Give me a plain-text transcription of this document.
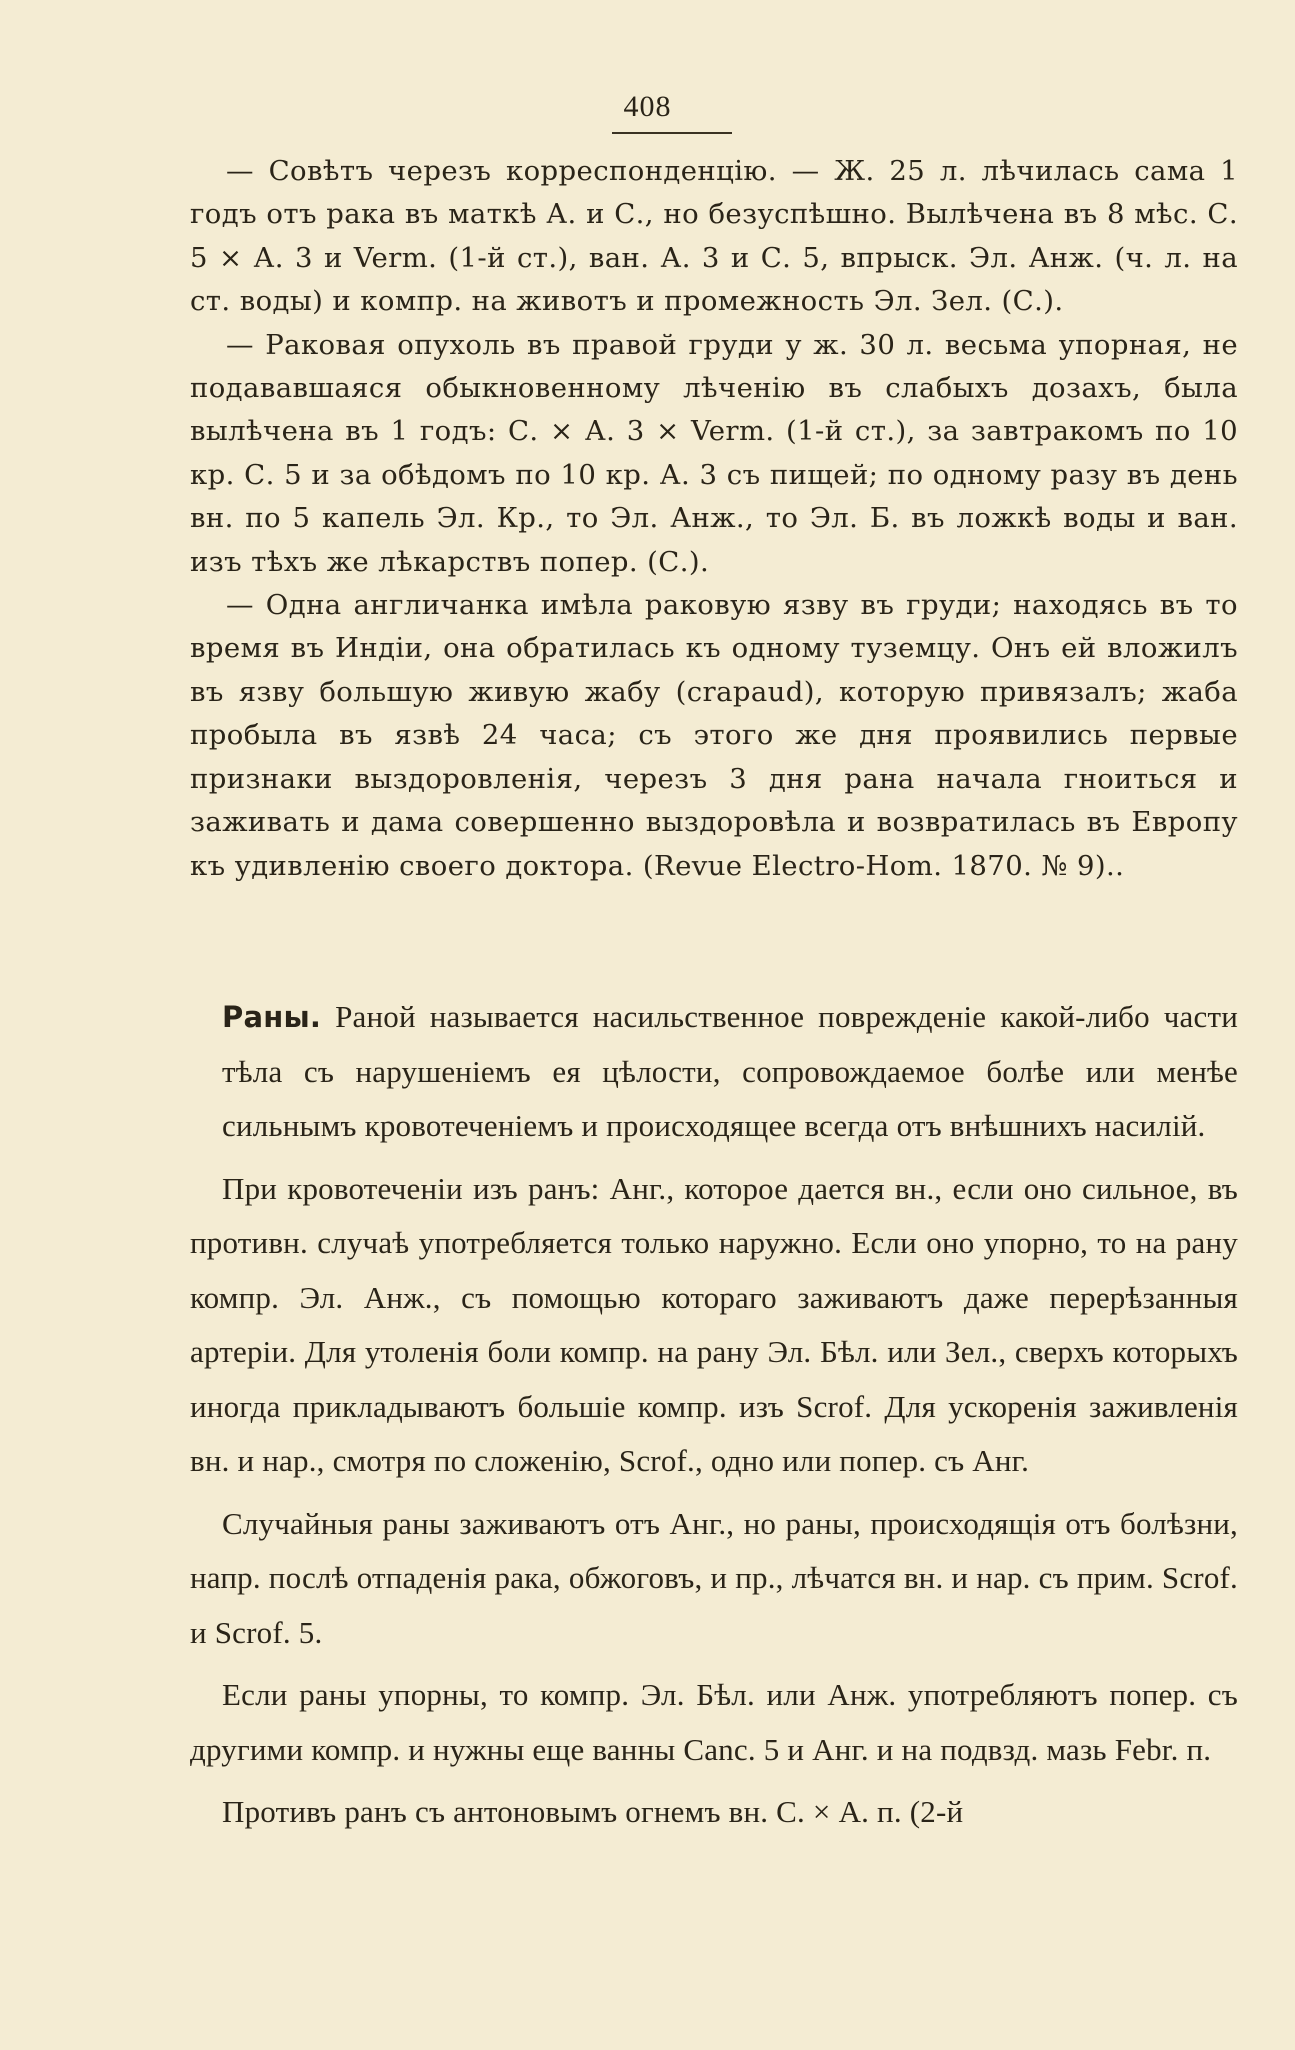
408

— Совѣтъ черезъ корреспонденцію. — Ж. 25 л. лѣчилась сама 1 годъ отъ рака въ маткѣ А. и С., но безуспѣшно. Вылѣчена въ 8 мѣс. С. 5 × А. 3 и Verm. (1-й ст.), ван. А. 3 и С. 5, впрыск. Эл. Анж. (ч. л. на ст. воды) и компр. на животъ и промежность Эл. Зел. (С.).

— Раковая опухоль въ правой груди у ж. 30 л. весьма упорная, не подававшаяся обыкновенному лѣченію въ слабыхъ дозахъ, была вылѣчена въ 1 годъ: С. × А. 3 × Verm. (1-й ст.), за завтракомъ по 10 кр. С. 5 и за обѣдомъ по 10 кр. А. 3 съ пищей; по одному разу въ день вн. по 5 капель Эл. Кр., то Эл. Анж., то Эл. Б. въ ложкѣ воды и ван. изъ тѣхъ же лѣкарствъ попер. (С.).

— Одна англичанка имѣла раковую язву въ груди; находясь въ то время въ Индіи, она обратилась къ одному туземцу. Онъ ей вложилъ въ язву большую живую жабу (crapaud), которую привязалъ; жаба пробыла въ язвѣ 24 часа; съ этого же дня проявились первые признаки выздоровленія, черезъ 3 дня рана начала гноиться и заживать и дама совершенно выздоровѣла и возвратилась въ Европу къ удивленію своего доктора. (Revue Electro-Hom. 1870. № 9)..

Раны. Раной называется насильственное поврежденіе какой-либо части тѣла съ нарушеніемъ ея цѣлости, сопровождаемое болѣе или менѣе сильнымъ кровотеченіемъ и происходящее всегда отъ внѣшнихъ насилій.

При кровотеченіи изъ ранъ: Анг., которое дается вн., если оно сильное, въ противн. случаѣ употребляется только наружно. Если оно упорно, то на рану компр. Эл. Анж., съ помощью котораго заживаютъ даже перерѣзанныя артеріи. Для утоленія боли компр. на рану Эл. Бѣл. или Зел., сверхъ которыхъ иногда прикладываютъ большіе компр. изъ Scrof. Для ускоренія заживленія вн. и нар., смотря по сложенію, Scrof., одно или попер. съ Анг.

Случайныя раны заживаютъ отъ Анг., но раны, происходящія отъ болѣзни, напр. послѣ отпаденія рака, обжоговъ, и пр., лѣчатся вн. и нар. съ прим. Scrof. и Scrof. 5.

Если раны упорны, то компр. Эл. Бѣл. или Анж. употребляютъ попер. съ другими компр. и нужны еще ванны Canc. 5 и Анг. и на подвзд. мазь Febr. п.

Противъ ранъ съ антоновымъ огнемъ вн. С. × А. п. (2-й
